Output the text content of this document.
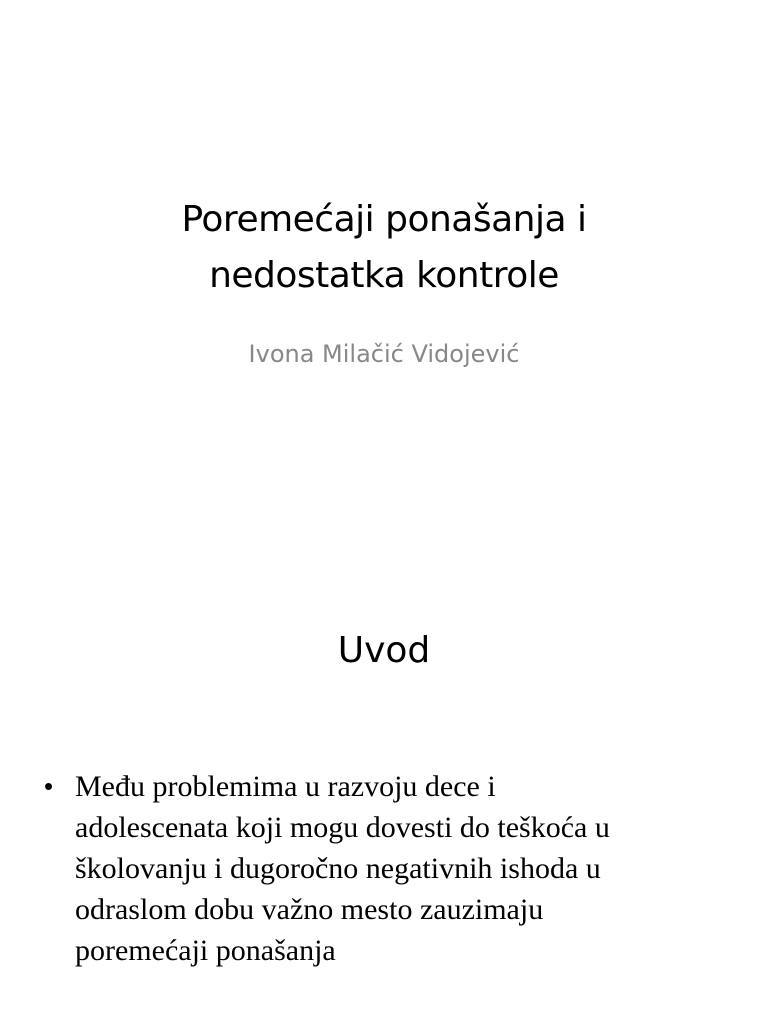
Poremećaji ponašanja i
nedostatka kontrole
Ivona Milačić Vidojević
Uvod
• Među problemima u razvoju dece i
adolescenata koji mogu dovesti do teškoća u
školovanju i dugoročno negativnih ishoda u
odraslom dobu važno mesto zauzimaju
poremećaji ponašanja
